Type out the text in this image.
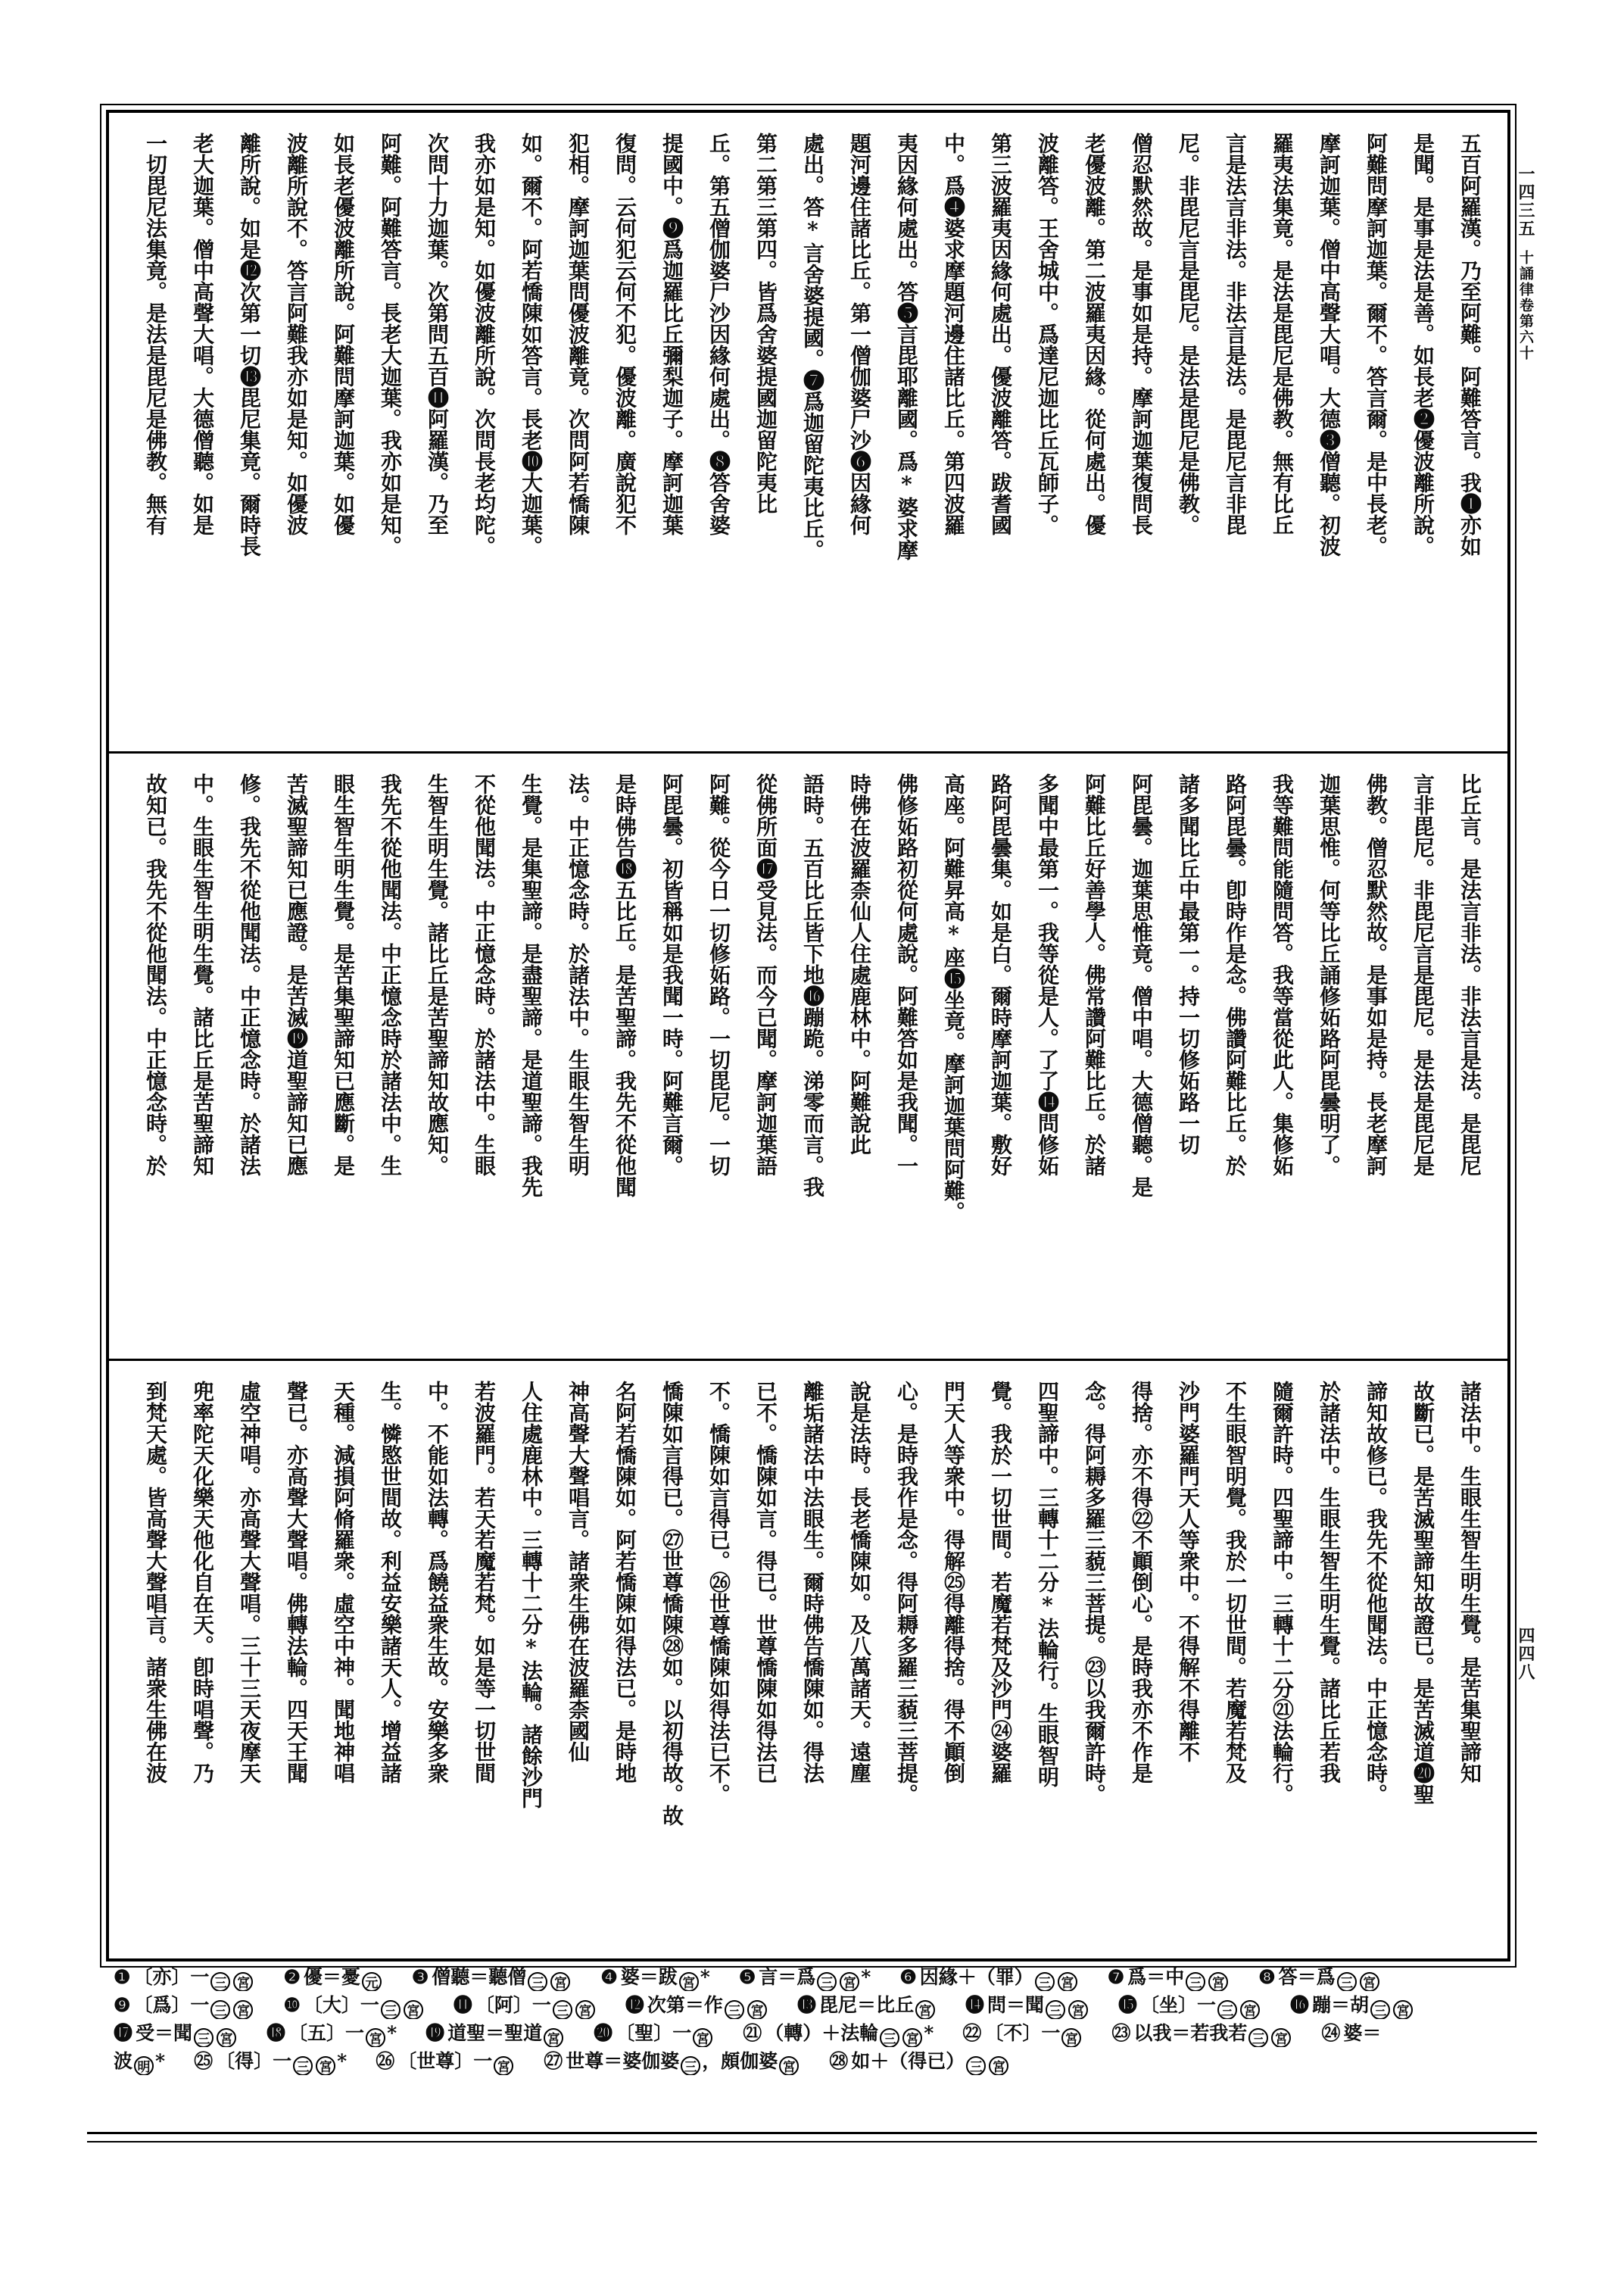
一四三五
十誦律卷第六十
四四八
五百阿羅漢。乃至阿難。阿難答言。我❶亦如
是聞。是事是法是善。如長老❷優波離所說。
阿難問摩訶迦葉。爾不。答言爾。是中長老。
摩訶迦葉。僧中高聲大唱。大德❸僧聽。初波
羅夷法集竟。是法是毘尼是佛教。無有比丘
言是法言非法。非法言是法。是毘尼言非毘
尼。非毘尼言是毘尼。是法是毘尼是佛教。
僧忍默然故。是事如是持。摩訶迦葉復問長
老優波離。第二波羅夷因緣。從何處出。優
波離答。王舍城中。爲達尼迦比丘瓦師子。
第三波羅夷因緣何處出。優波離答。跋耆國
中。爲❹婆求摩題河邊住諸比丘。第四波羅
夷因緣何處出。答❺言毘耶離國。爲*婆求摩
題河邊住諸比丘。第一僧伽婆尸沙❻因緣何
處出。答*言舍婆提國。❼爲迦留陀夷比丘。
第二第三第四。皆爲舍婆提國迦留陀夷比
丘。第五僧伽婆尸沙因緣何處出。❽答舍婆
提國中。❾爲迦羅比丘彌梨迦子。摩訶迦葉
復問。云何犯云何不犯。優波離。廣說犯不
犯相。摩訶迦葉問優波離竟。次問阿若憍陳
如。爾不。阿若憍陳如答言。長老❿大迦葉。
我亦如是知。如優波離所說。次問長老均陀。
次問十力迦葉。次第問五百⓫阿羅漢。乃至
阿難。阿難答言。長老大迦葉。我亦如是知。
如長老優波離所說。阿難問摩訶迦葉。如優
波離所說不。答言阿難我亦如是知。如優波
離所說。如是⓬次第一切⓭毘尼集竟。爾時長
老大迦葉。僧中高聲大唱。大德僧聽。如是
一切毘尼法集竟。是法是毘尼是佛教。無有
比丘言。是法言非法。非法言是法。是毘尼
言非毘尼。非毘尼言是毘尼。是法是毘尼是
佛教。僧忍默然故。是事如是持。長老摩訶
迦葉思惟。何等比丘誦修妬路阿毘曇明了。
我等難問能隨問答。我等當從此人。集修妬
路阿毘曇。卽時作是念。佛讚阿難比丘。於
諸多聞比丘中最第一。持一切修妬路一切
阿毘曇。迦葉思惟竟。僧中唱。大德僧聽。是
阿難比丘好善學人。佛常讚阿難比丘。於諸
多聞中最第一。我等從是人。了了⓮問修妬
路阿毘曇集。如是白。爾時摩訶迦葉。敷好
高座。阿難昇高*座⓯坐竟。摩訶迦葉問阿難。
佛修妬路初從何處說。阿難答如是我聞。一
時佛在波羅柰仙人住處鹿林中。阿難說此
語時。五百比丘皆下地⓰蹦跪。涕零而言。我
從佛所面⓱受見法。而今已聞。摩訶迦葉語
阿難。從今日一切修妬路。一切毘尼。一切
阿毘曇。初皆稱如是我聞一時。阿難言爾。
是時佛告⓲五比丘。是苦聖諦。我先不從他聞
法。中正憶念時。於諸法中。生眼生智生明
生覺。是集聖諦。是盡聖諦。是道聖諦。我先
不從他聞法。中正憶念時。於諸法中。生眼
生智生明生覺。諸比丘是苦聖諦知故應知。
我先不從他聞法。中正憶念時於諸法中。生
眼生智生明生覺。是苦集聖諦知已應斷。是
苦滅聖諦知已應證。是苦滅⓳道聖諦知已應
修。我先不從他聞法。中正憶念時。於諸法
中。生眼生智生明生覺。諸比丘是苦聖諦知
故知已。我先不從他聞法。中正憶念時。於
諸法中。生眼生智生明生覺。是苦集聖諦知
故斷已。是苦滅聖諦知故證已。是苦滅道⓴聖
諦知故修已。我先不從他聞法。中正憶念時。
於諸法中。生眼生智生明生覺。諸比丘若我
隨爾許時。四聖諦中。三轉十二分㉑法輪行。
不生眼智明覺。我於一切世間。若魔若梵及
沙門婆羅門天人等衆中。不得解不得離不
得捨。亦不得㉒不顚倒心。是時我亦不作是
念。得阿耨多羅三藐三菩提。㉓以我爾許時。
四聖諦中。三轉十二分*法輪行。生眼智明
覺。我於一切世間。若魔若梵及沙門㉔婆羅
門天人等衆中。得解㉕得離得捨。得不顚倒
心。是時我作是念。得阿耨多羅三藐三菩提。
說是法時。長老憍陳如。及八萬諸天。遠塵
離垢諸法中法眼生。爾時佛告憍陳如。得法
已不。憍陳如言。得已。世尊憍陳如得法已
不。憍陳如言得已。㉖世尊憍陳如得法已不。
憍陳如言得已。㉗世尊憍陳㉘如。以初得故。故
名阿若憍陳如。阿若憍陳如得法已。是時地
神高聲大聲唱言。諸衆生佛在波羅柰國仙
人住處鹿林中。三轉十二分*法輪。諸餘沙門
若波羅門。若天若魔若梵。如是等一切世間
中。不能如法轉。爲饒益衆生故。安樂多衆
生。憐愍世間故。利益安樂諸天人。增益諸
天種。減損阿脩羅衆。虛空中神。聞地神唱
聲已。亦高聲大聲唱。佛轉法輪。四天王聞
虛空神唱。亦高聲大聲唱。三十三天夜摩天
兜率陀天化樂天他化自在天。卽時唱聲。乃
到梵天處。皆高聲大聲唱言。諸衆生佛在波
❶ 〔亦〕一 三 宮 ❷ 優＝憂 元 ❸ 僧聽＝聽僧 三 宮 ❹ 婆＝跋 宮 * ❺ 言＝爲 三 宮 * ❻ 因緣＋（罪） 三 宮 ❼ 爲＝中 三 宮 ❽ 答＝爲 三 宮
❾ 〔爲〕一 三 宮 ❿ 〔大〕一 三 宮 ⓫ 〔阿〕一 三 宮 ⓬ 次第＝作 三 宮 ⓭ 毘尼＝比丘 宮 ⓮ 問＝聞 三 宮 ⓯ 〔坐〕一 三 宮 ⓰ 蹦＝胡 三 宮
⓱ 受＝聞 三 宮 ⓲ 〔五〕一 宮 * ⓳ 道聖＝聖道 宮 ⓴ 〔聖〕一 宮 ㉑ （轉）＋法輪 三 宮 * ㉒ 〔不〕一 宮 ㉓ 以我＝若我若 三 宮 ㉔ 婆＝
波 明 * ㉕ 〔得〕一 三 宮 * ㉖ 〔世尊〕一 宮 ㉗ 世尊＝婆伽婆 三 ，頗伽婆 宮 ㉘ 如＋（得已） 三 宮
